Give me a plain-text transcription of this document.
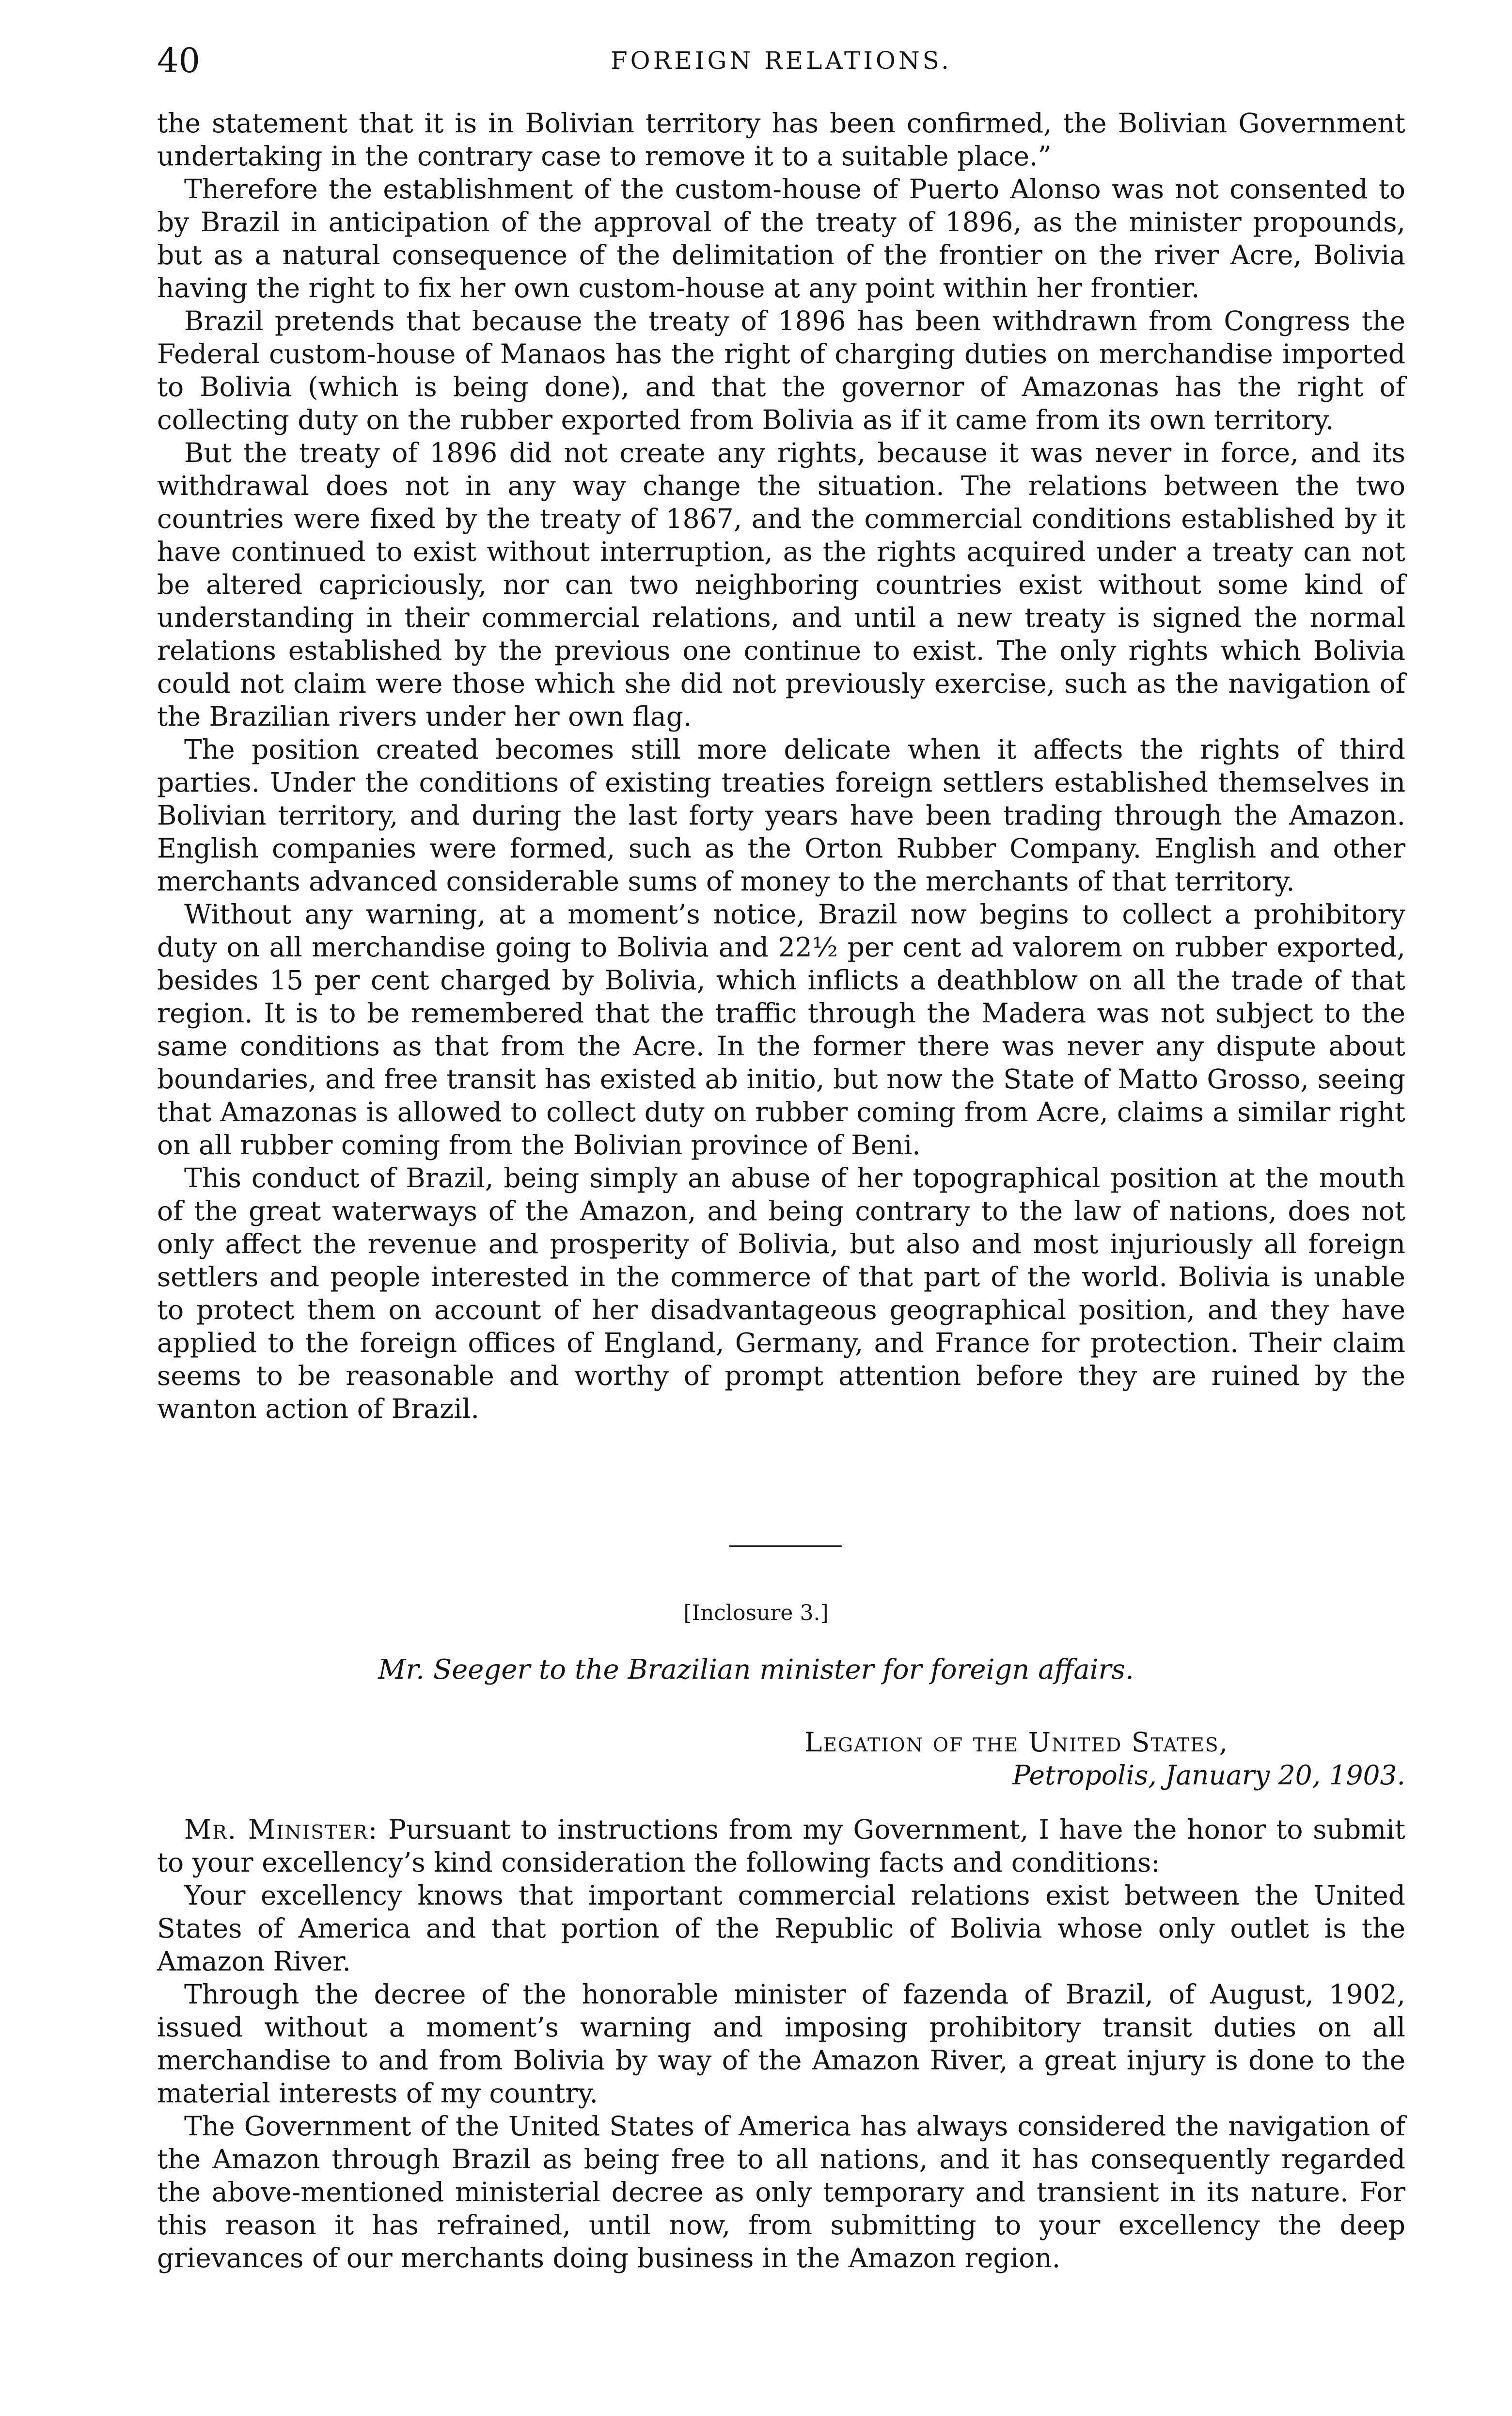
40	FOREIGN RELATIONS.

the statement that it is in Bolivian territory has been confirmed, the Bolivian Government undertaking in the contrary case to remove it to a suitable place.”

Therefore the establishment of the custom-house of Puerto Alonso was not consented to by Brazil in anticipation of the approval of the treaty of 1896, as the minister propounds, but as a natural consequence of the delimitation of the frontier on the river Acre, Bolivia having the right to fix her own custom-house at any point within her frontier.

Brazil pretends that because the treaty of 1896 has been withdrawn from Congress the Federal custom-house of Manaos has the right of charging duties on merchandise imported to Bolivia (which is being done), and that the governor of Amazonas has the right of collecting duty on the rubber exported from Bolivia as if it came from its own territory.

But the treaty of 1896 did not create any rights, because it was never in force, and its withdrawal does not in any way change the situation. The relations between the two countries were fixed by the treaty of 1867, and the commercial conditions established by it have continued to exist without interruption, as the rights acquired under a treaty can not be altered capriciously, nor can two neighboring countries exist without some kind of understanding in their commercial relations, and until a new treaty is signed the normal relations established by the previous one continue to exist. The only rights which Bolivia could not claim were those which she did not previously exercise, such as the navigation of the Brazilian rivers under her own flag.

The position created becomes still more delicate when it affects the rights of third parties. Under the conditions of existing treaties foreign settlers established themselves in Bolivian territory, and during the last forty years have been trading through the Amazon. English companies were formed, such as the Orton Rubber Company. English and other merchants advanced considerable sums of money to the merchants of that territory.

Without any warning, at a moment’s notice, Brazil now begins to collect a prohibitory duty on all merchandise going to Bolivia and 22½ per cent ad valorem on rubber exported, besides 15 per cent charged by Bolivia, which inflicts a deathblow on all the trade of that region. It is to be remembered that the traffic through the Madera was not subject to the same conditions as that from the Acre. In the former there was never any dispute about boundaries, and free transit has existed ab initio, but now the State of Matto Grosso, seeing that Amazonas is allowed to collect duty on rubber coming from Acre, claims a similar right on all rubber coming from the Bolivian province of Beni.

This conduct of Brazil, being simply an abuse of her topographical position at the mouth of the great waterways of the Amazon, and being contrary to the law of nations, does not only affect the revenue and prosperity of Bolivia, but also and most injuriously all foreign settlers and people interested in the commerce of that part of the world. Bolivia is unable to protect them on account of her disadvantageous geographical position, and they have applied to the foreign offices of England, Germany, and France for protection. Their claim seems to be reasonable and worthy of prompt attention before they are ruined by the wanton action of Brazil.

[Inclosure 3.]
Mr. Seeger to the Brazilian minister for foreign affairs.
Legation of the United States,
Petropolis, January 20, 1903.

Mr. Minister: Pursuant to instructions from my Government, I have the honor to submit to your excellency’s kind consideration the following facts and conditions:

Your excellency knows that important commercial relations exist between the United States of America and that portion of the Republic of Bolivia whose only outlet is the Amazon River.

Through the decree of the honorable minister of fazenda of Brazil, of August, 1902, issued without a moment’s warning and imposing prohibitory transit duties on all merchandise to and from Bolivia by way of the Amazon River, a great injury is done to the material interests of my country.

The Government of the United States of America has always considered the navigation of the Amazon through Brazil as being free to all nations, and it has consequently regarded the above-mentioned ministerial decree as only temporary and transient in its nature. For this reason it has refrained, until now, from submitting to your excellency the deep grievances of our merchants doing business in the Amazon region.
